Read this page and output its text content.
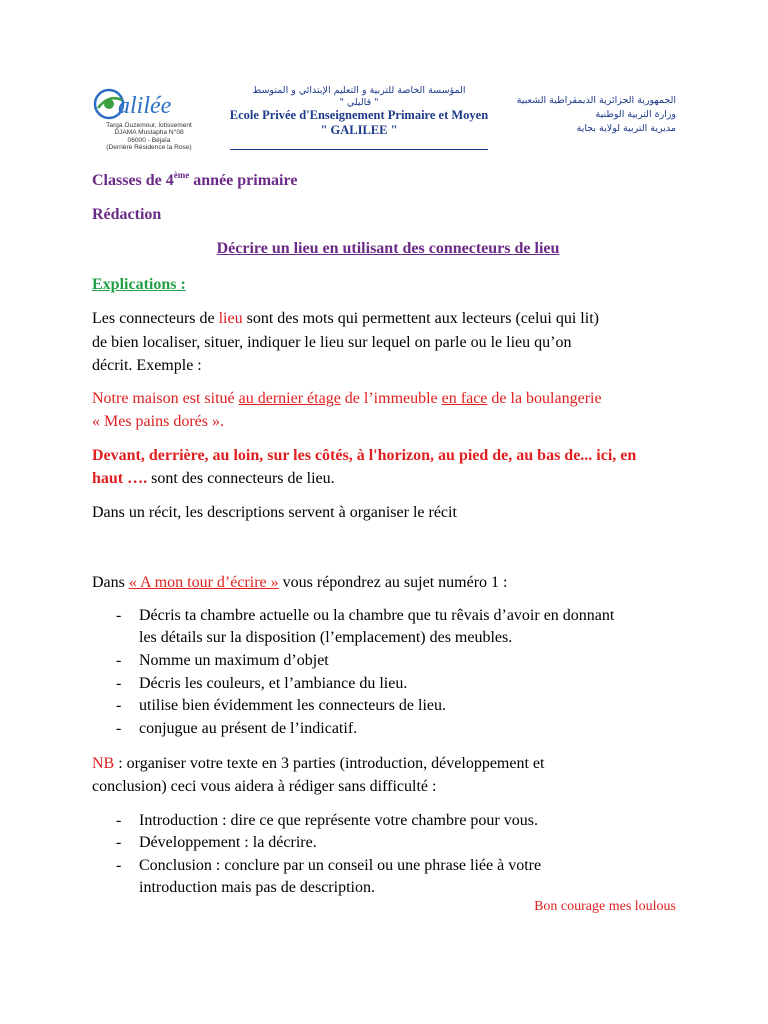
alilée
Targa Ouzemour, lotissement
DJAMA Mustapha N°08
06000 - Béjaïa
(Derrière Résidence la Rose)
المؤسسة الخاصة للتربية و التعليم الإبتدائي و المتوسط
" قاليلي "
Ecole Privée d'Enseignement Primaire et Moyen
" GALILEE "
الجمهورية الجزائرية الديمقراطية الشعبية
وزارة التربية الوطنية
مديرية التربية لولاية بجاية
Classes de 4ème année primaire
Rédaction
Décrire un lieu en utilisant des connecteurs de lieu
Explications :
Les connecteurs de lieu sont des mots qui permettent aux lecteurs (celui qui lit)
de bien localiser, situer, indiquer le lieu sur lequel on parle ou le lieu qu’on
décrit. Exemple :
Notre maison est situé au dernier étage de l’immeuble en face de la boulangerie
« Mes pains dorés ».
Devant, derrière, au loin, sur les côtés, à l'horizon, au pied de, au bas de... ici, en
haut …. sont des connecteurs de lieu.
Dans un récit, les descriptions servent à organiser le récit
Dans « A mon tour d’écrire » vous répondrez au sujet numéro 1 :
- Décris ta chambre actuelle ou la chambre que tu rêvais d’avoir en donnant
les détails sur la disposition (l’emplacement) des meubles.
- Nomme un maximum d’objet
- Décris les couleurs, et l’ambiance du lieu.
- utilise bien évidemment les connecteurs de lieu.
- conjugue au présent de l’indicatif.
NB : organiser votre texte en 3 parties (introduction, développement et
conclusion) ceci vous aidera à rédiger sans difficulté :
- Introduction : dire ce que représente votre chambre pour vous.
- Développement : la décrire.
- Conclusion : conclure par un conseil ou une phrase liée à votre
introduction mais pas de description.
Bon courage mes loulous
